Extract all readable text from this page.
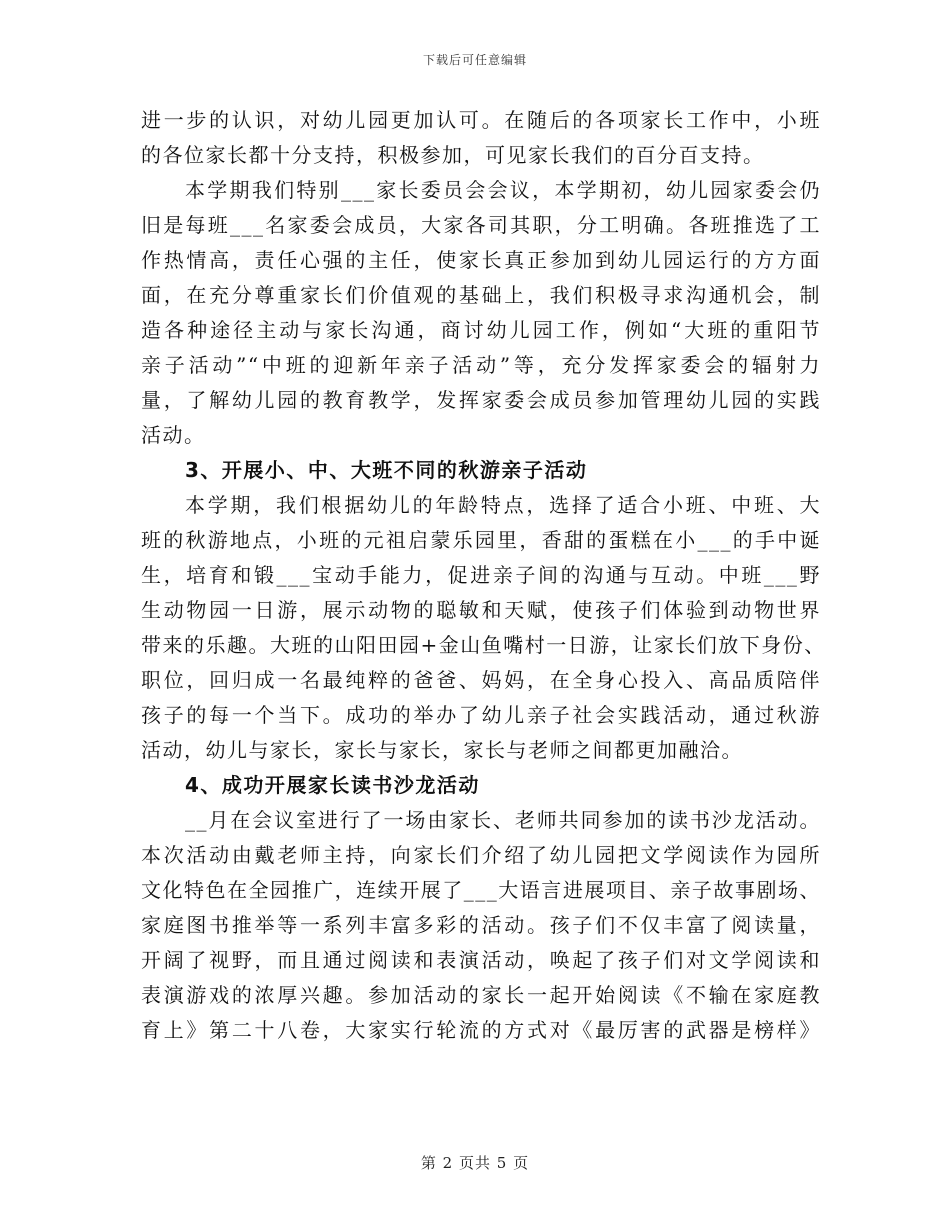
下载后可任意编辑
进一步的认识，对幼儿园更加认可。在随后的各项家长工作中，小班
的各位家长都十分支持，积极参加，可见家长我们的百分百支持。
本学期我们特别___家长委员会会议，本学期初，幼儿园家委会仍
旧是每班___名家委会成员，大家各司其职，分工明确。各班推选了工
作热情高，责任心强的主任，使家长真正参加到幼儿园运行的方方面
面，在充分尊重家长们价值观的基础上，我们积极寻求沟通机会，制
造各种途径主动与家长沟通，商讨幼儿园工作，例如“大班的重阳节
亲子活动”“中班的迎新年亲子活动”等，充分发挥家委会的辐射力
量，了解幼儿园的教育教学，发挥家委会成员参加管理幼儿园的实践
活动。
3、开展小、中、大班不同的秋游亲子活动
本学期，我们根据幼儿的年龄特点，选择了适合小班、中班、大
班的秋游地点，小班的元祖启蒙乐园里，香甜的蛋糕在小___的手中诞
生，培育和锻___宝动手能力，促进亲子间的沟通与互动。中班___野
生动物园一日游，展示动物的聪敏和天赋，使孩子们体验到动物世界
带来的乐趣。大班的山阳田园+金山鱼嘴村一日游，让家长们放下身份、
职位，回归成一名最纯粹的爸爸、妈妈，在全身心投入、高品质陪伴
孩子的每一个当下。成功的举办了幼儿亲子社会实践活动，通过秋游
活动，幼儿与家长，家长与家长，家长与老师之间都更加融洽。
4、成功开展家长读书沙龙活动
__月在会议室进行了一场由家长、老师共同参加的读书沙龙活动。
本次活动由戴老师主持，向家长们介绍了幼儿园把文学阅读作为园所
文化特色在全园推广，连续开展了___大语言进展项目、亲子故事剧场、
家庭图书推举等一系列丰富多彩的活动。孩子们不仅丰富了阅读量，
开阔了视野，而且通过阅读和表演活动，唤起了孩子们对文学阅读和
表演游戏的浓厚兴趣。参加活动的家长一起开始阅读《不输在家庭教
育上》第二十八卷，大家实行轮流的方式对《最厉害的武器是榜样》
第 2 页共 5 页
